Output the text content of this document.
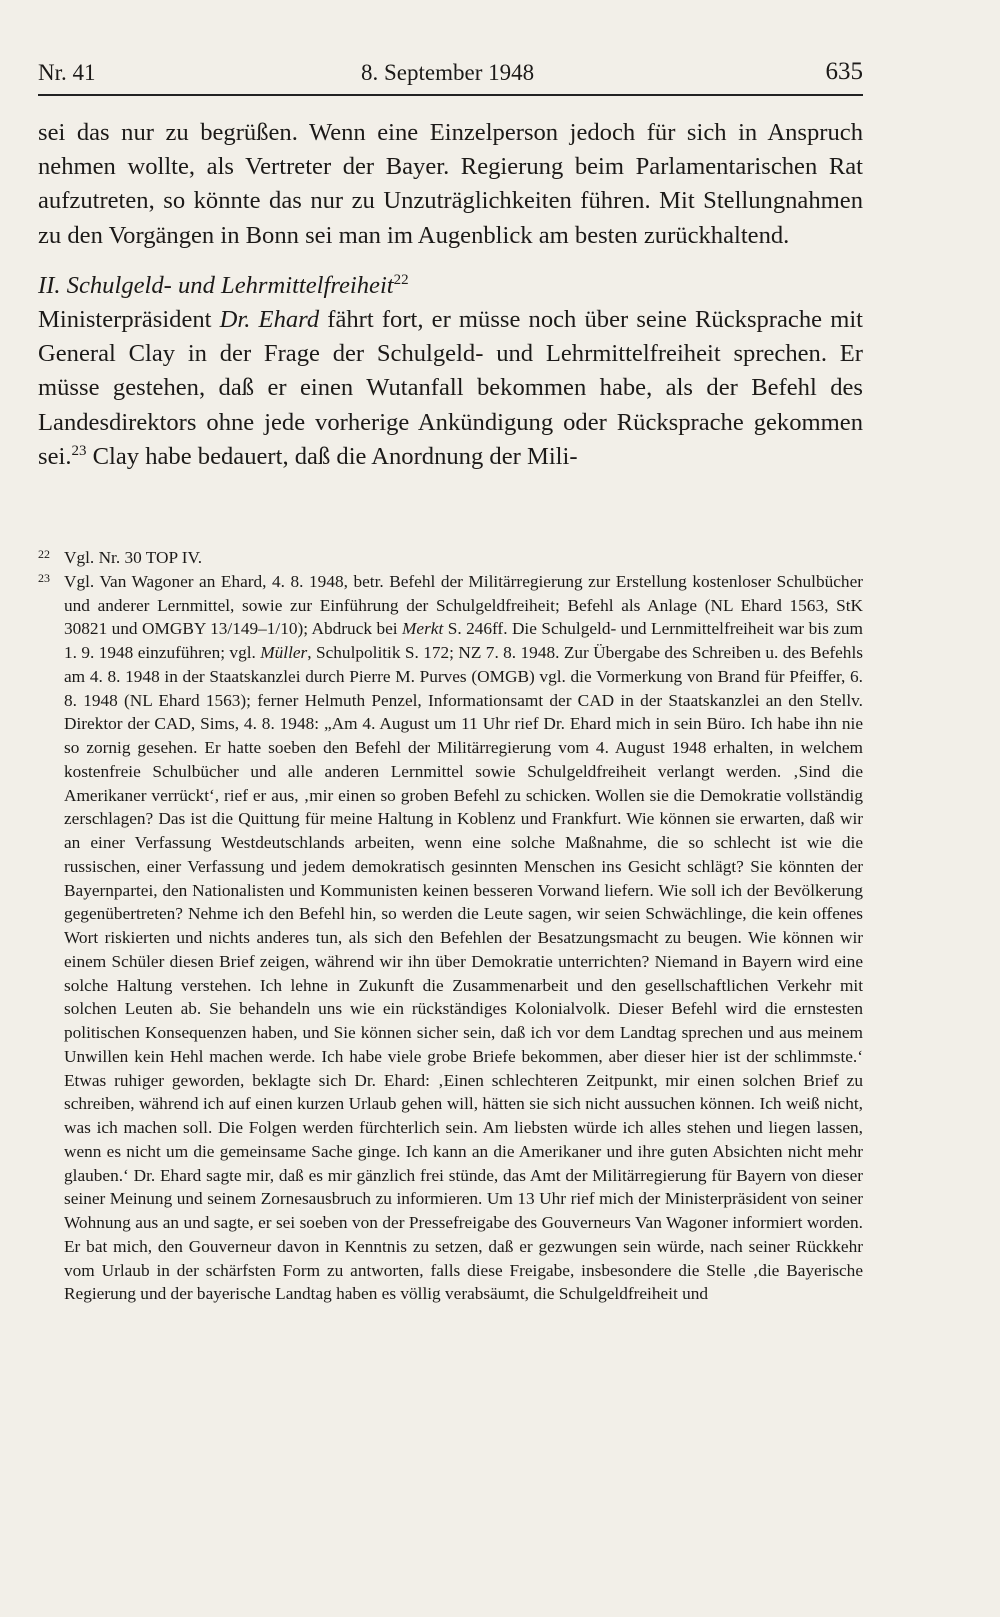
Nr. 41	8. September 1948	635

sei das nur zu begrüßen. Wenn eine Einzelperson jedoch für sich in Anspruch nehmen wollte, als Vertreter der Bayer. Regierung beim Parlamentarischen Rat aufzutreten, so könnte das nur zu Unzuträglichkeiten führen. Mit Stellungnahmen zu den Vorgängen in Bonn sei man im Augenblick am besten zurückhaltend.

II. Schulgeld- und Lehrmittelfreiheit$^{22}$

Ministerpräsident Dr. Ehard fährt fort, er müsse noch über seine Rücksprache mit General Clay in der Frage der Schulgeld- und Lehrmittelfreiheit sprechen. Er müsse gestehen, daß er einen Wutanfall bekommen habe, als der Befehl des Landesdirektors ohne jede vorherige Ankündigung oder Rücksprache gekommen sei.$^{23}$ Clay habe bedauert, daß die Anordnung der Mili-

22 Vgl. Nr. 30 TOP IV.

23 Vgl. Van Wagoner an Ehard, 4. 8. 1948, betr. Befehl der Militärregierung zur Erstellung kostenloser Schulbücher und anderer Lernmittel, sowie zur Einführung der Schulgeldfreiheit; Befehl als Anlage (NL Ehard 1563, StK 30821 und OMGBY 13/149–1/10); Abdruck bei Merkt S. 246ff. Die Schulgeld- und Lernmittelfreiheit war bis zum 1. 9. 1948 einzuführen; vgl. Müller, Schulpolitik S. 172; NZ 7. 8. 1948. Zur Übergabe des Schreiben u. des Befehls am 4. 8. 1948 in der Staatskanzlei durch Pierre M. Purves (OMGB) vgl. die Vormerkung von Brand für Pfeiffer, 6. 8. 1948 (NL Ehard 1563); ferner Helmuth Penzel, Informationsamt der CAD in der Staatskanzlei an den Stellv. Direktor der CAD, Sims, 4. 8. 1948: „Am 4. August um 11 Uhr rief Dr. Ehard mich in sein Büro. Ich habe ihn nie so zornig gesehen. Er hatte soeben den Befehl der Militärregierung vom 4. August 1948 erhalten, in welchem kostenfreie Schulbücher und alle anderen Lernmittel sowie Schulgeldfreiheit verlangt werden. ‚Sind die Amerikaner verrückt‘, rief er aus, ‚mir einen so groben Befehl zu schicken. Wollen sie die Demokratie vollständig zerschlagen? Das ist die Quittung für meine Haltung in Koblenz und Frankfurt. Wie können sie erwarten, daß wir an einer Verfassung Westdeutschlands arbeiten, wenn eine solche Maßnahme, die so schlecht ist wie die russischen, einer Verfassung und jedem demokratisch gesinnten Menschen ins Gesicht schlägt? Sie könnten der Bayernpartei, den Nationalisten und Kommunisten keinen besseren Vorwand liefern. Wie soll ich der Bevölkerung gegenübertreten? Nehme ich den Befehl hin, so werden die Leute sagen, wir seien Schwächlinge, die kein offenes Wort riskierten und nichts anderes tun, als sich den Befehlen der Besatzungsmacht zu beugen. Wie können wir einem Schüler diesen Brief zeigen, während wir ihn über Demokratie unterrichten? Niemand in Bayern wird eine solche Haltung verstehen. Ich lehne in Zukunft die Zusammenarbeit und den gesellschaftlichen Verkehr mit solchen Leuten ab. Sie behandeln uns wie ein rückständiges Kolonialvolk. Dieser Befehl wird die ernstesten politischen Konsequenzen haben, und Sie können sicher sein, daß ich vor dem Landtag sprechen und aus meinem Unwillen kein Hehl machen werde. Ich habe viele grobe Briefe bekommen, aber dieser hier ist der schlimmste.‘ Etwas ruhiger geworden, beklagte sich Dr. Ehard: ‚Einen schlechteren Zeitpunkt, mir einen solchen Brief zu schreiben, während ich auf einen kurzen Urlaub gehen will, hätten sie sich nicht aussuchen können. Ich weiß nicht, was ich machen soll. Die Folgen werden fürchterlich sein. Am liebsten würde ich alles stehen und liegen lassen, wenn es nicht um die gemeinsame Sache ginge. Ich kann an die Amerikaner und ihre guten Absichten nicht mehr glauben.‘ Dr. Ehard sagte mir, daß es mir gänzlich frei stünde, das Amt der Militärregierung für Bayern von dieser seiner Meinung und seinem Zornesausbruch zu informieren. Um 13 Uhr rief mich der Ministerpräsident von seiner Wohnung aus an und sagte, er sei soeben von der Pressefreigabe des Gouverneurs Van Wagoner informiert worden. Er bat mich, den Gouverneur davon in Kenntnis zu setzen, daß er gezwungen sein würde, nach seiner Rückkehr vom Urlaub in der schärfsten Form zu antworten, falls diese Freigabe, insbesondere die Stelle ‚die Bayerische Regierung und der bayerische Landtag haben es völlig verabsäumt, die Schulgeldfreiheit und
